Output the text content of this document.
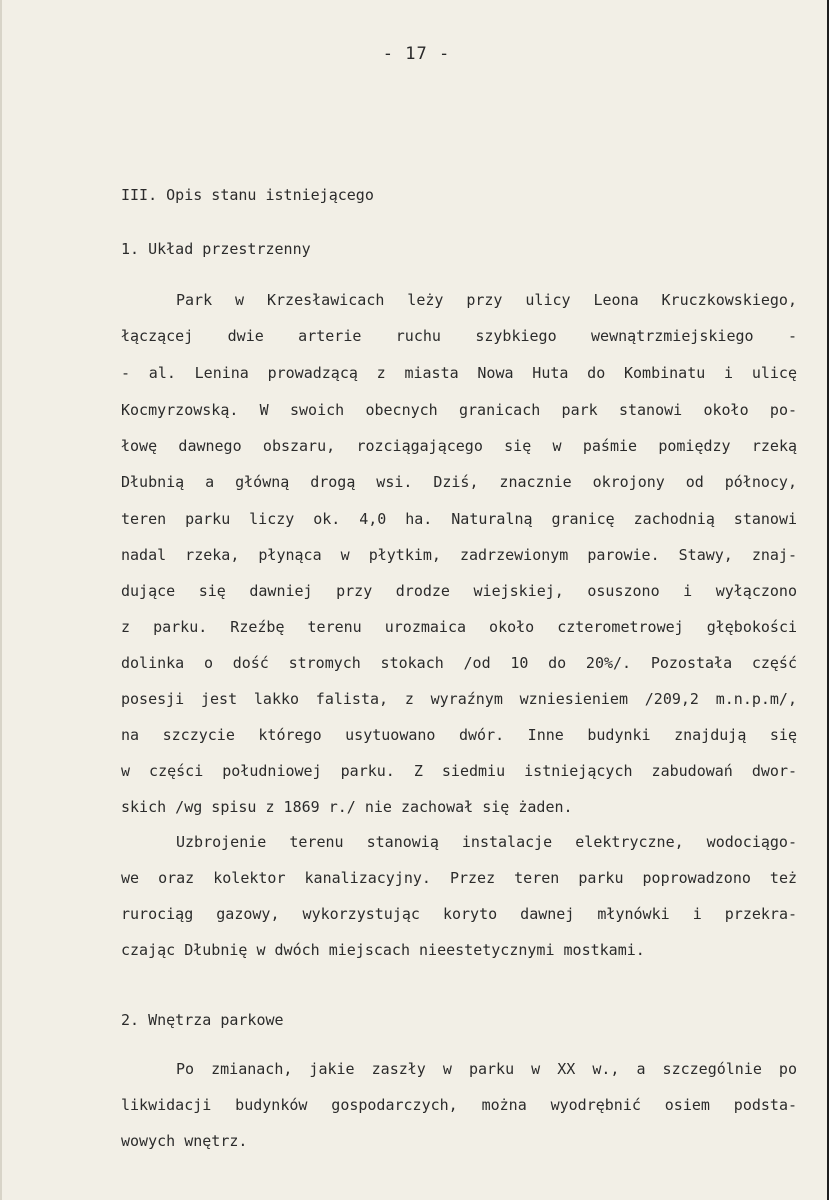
- 17 -
III. Opis stanu istniejącego
1. Układ przestrzenny
Park w Krzesławicach leży przy ulicy Leona Kruczkowskiego,
łączącej dwie arterie ruchu szybkiego wewnątrzmiejskiego -
- al. Lenina prowadzącą z miasta Nowa Huta do Kombinatu i ulicę
Kocmyrzowską. W swoich obecnych granicach park stanowi około po-
łowę dawnego obszaru, rozciągającego się w paśmie pomiędzy rzeką
Dłubnią a główną drogą wsi. Dziś, znacznie okrojony od północy,
teren parku liczy ok. 4,0 ha. Naturalną granicę zachodnią stanowi
nadal rzeka, płynąca w płytkim, zadrzewionym parowie. Stawy, znaj-
dujące się dawniej przy drodze wiejskiej, osuszono i wyłączono
z parku. Rzeźbę terenu urozmaica około czterometrowej głębokości
dolinka o dość stromych stokach /od 10 do 20%/. Pozostała część
posesji jest lakko falista, z wyraźnym wzniesieniem /209,2 m.n.p.m/,
na szczycie którego usytuowano dwór. Inne budynki znajdują się
w części południowej parku. Z siedmiu istniejących zabudowań dwor-
skich /wg spisu z 1869 r./ nie zachował się żaden.
Uzbrojenie terenu stanowią instalacje elektryczne, wodociągo-
we oraz kolektor kanalizacyjny. Przez teren parku poprowadzono też
rurociąg gazowy, wykorzystując koryto dawnej młynówki i przekra-
czając Dłubnię w dwóch miejscach nieestetycznymi mostkami.
2. Wnętrza parkowe
Po zmianach, jakie zaszły w parku w XX w., a szczególnie po
likwidacji budynków gospodarczych, można wyodrębnić osiem podsta-
wowych wnętrz.
